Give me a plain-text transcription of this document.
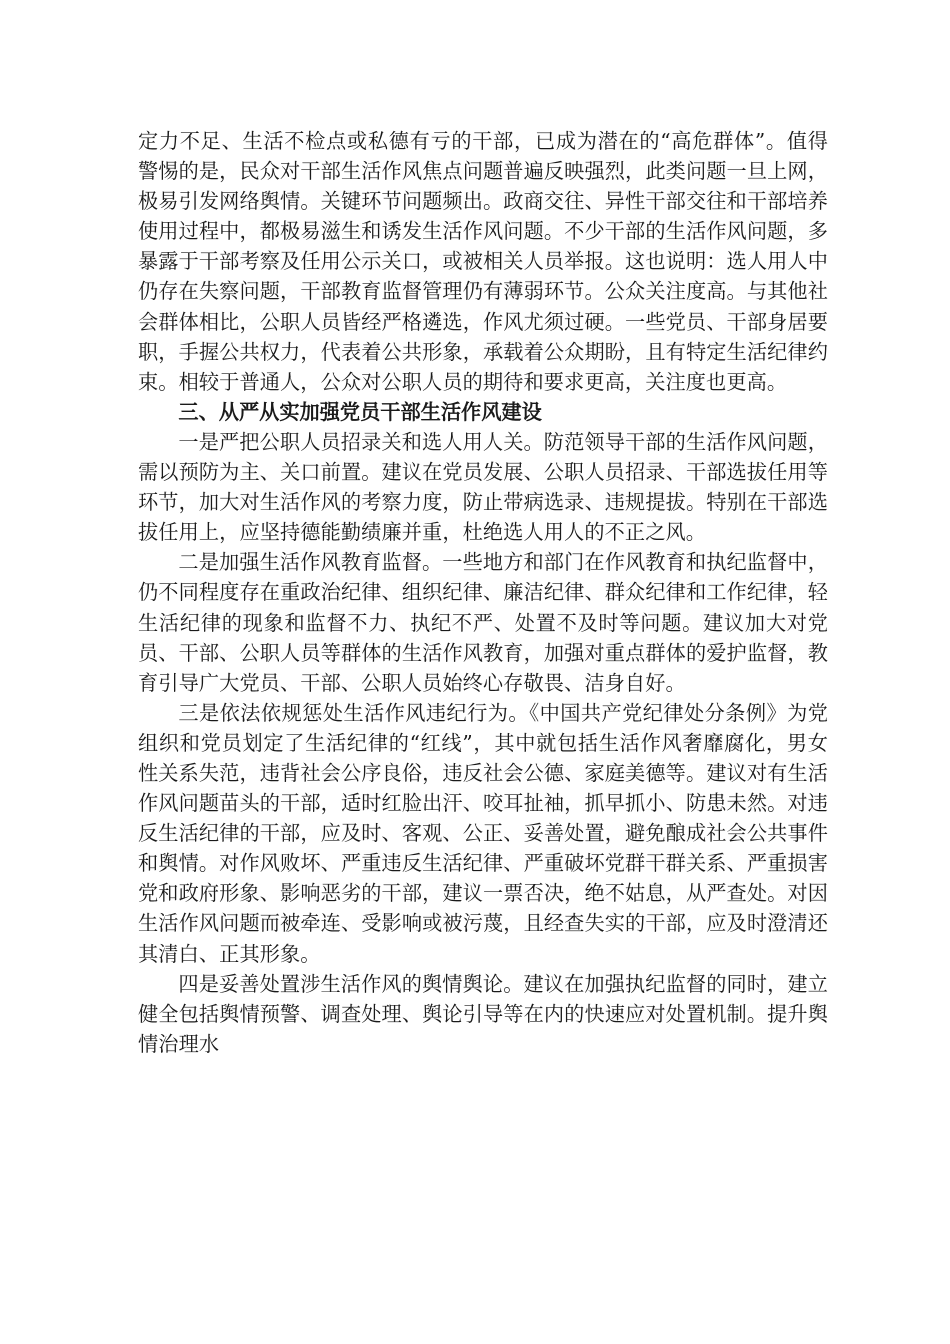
定力不足、生活不检点或私德有亏的干部，已成为潜在的“高危群体”。值得警惕的是，民众对干部生活作风焦点问题普遍反映强烈，此类问题一旦上网，极易引发网络舆情。关键环节问题频出。政商交往、异性干部交往和干部培养使用过程中，都极易滋生和诱发生活作风问题。不少干部的生活作风问题，多暴露于干部考察及任用公示关口，或被相关人员举报。这也说明：选人用人中仍存在失察问题，干部教育监督管理仍有薄弱环节。公众关注度高。与其他社会群体相比，公职人员皆经严格遴选，作风尤须过硬。一些党员、干部身居要职，手握公共权力，代表着公共形象，承载着公众期盼，且有特定生活纪律约束。相较于普通人，公众对公职人员的期待和要求更高，关注度也更高。

三、从严从实加强党员干部生活作风建设

一是严把公职人员招录关和选人用人关。防范领导干部的生活作风问题，需以预防为主、关口前置。建议在党员发展、公职人员招录、干部选拔任用等环节，加大对生活作风的考察力度，防止带病选录、违规提拔。特别在干部选拔任用上，应坚持德能勤绩廉并重，杜绝选人用人的不正之风。

二是加强生活作风教育监督。一些地方和部门在作风教育和执纪监督中，仍不同程度存在重政治纪律、组织纪律、廉洁纪律、群众纪律和工作纪律，轻生活纪律的现象和监督不力、执纪不严、处置不及时等问题。建议加大对党员、干部、公职人员等群体的生活作风教育，加强对重点群体的爱护监督，教育引导广大党员、干部、公职人员始终心存敬畏、洁身自好。

三是依法依规惩处生活作风违纪行为。《中国共产党纪律处分条例》为党组织和党员划定了生活纪律的“红线”，其中就包括生活作风奢靡腐化，男女性关系失范，违背社会公序良俗，违反社会公德、家庭美德等。建议对有生活作风问题苗头的干部，适时红脸出汗、咬耳扯袖，抓早抓小、防患未然。对违反生活纪律的干部，应及时、客观、公正、妥善处置，避免酿成社会公共事件和舆情。对作风败坏、严重违反生活纪律、严重破坏党群干群关系、严重损害党和政府形象、影响恶劣的干部，建议一票否决，绝不姑息，从严查处。对因生活作风问题而被牵连、受影响或被污蔑，且经查失实的干部，应及时澄清还其清白、正其形象。

四是妥善处置涉生活作风的舆情舆论。建议在加强执纪监督的同时，建立健全包括舆情预警、调查处理、舆论引导等在内的快速应对处置机制。提升舆情治理水
